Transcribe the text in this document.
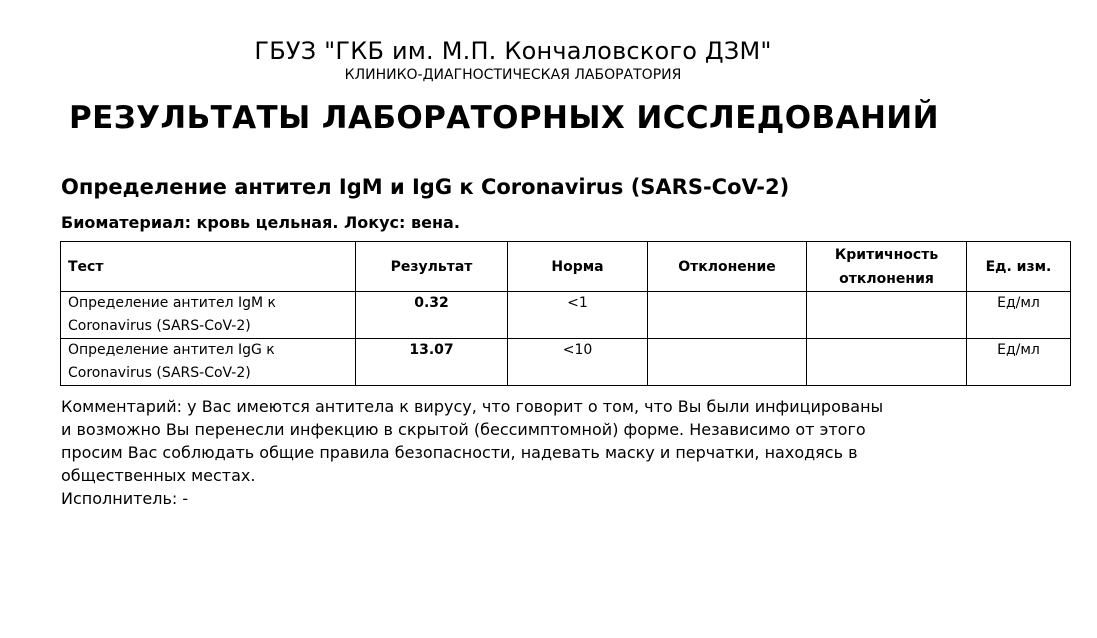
ГБУЗ "ГКБ им. М.П. Кончаловского ДЗМ"
КЛИНИКО-ДИАГНОСТИЧЕСКАЯ ЛАБОРАТОРИЯ
РЕЗУЛЬТАТЫ ЛАБОРАТОРНЫХ ИССЛЕДОВАНИЙ
Определение антител IgM и IgG к Coronavirus (SARS-CoV-2)
Биоматериал: кровь цельная. Локус: вена.
Тест	Результат	Норма	Отклонение	Критичность
отклонения	Ед. изм.

Определение антител IgM к
Coronavirus (SARS-CoV-2)	0.32	<1			Ед/мл

Определение антител IgG к
Coronavirus (SARS-CoV-2)	13.07	<10			Ед/мл
Комментарий: у Вас имеются антитела к вирусу, что говорит о том, что Вы были инфицированы
и возможно Вы перенесли инфекцию в скрытой (бессимптомной) форме. Независимо от этого
просим Вас соблюдать общие правила безопасности, надевать маску и перчатки, находясь в
общественных местах.
Исполнитель: -
